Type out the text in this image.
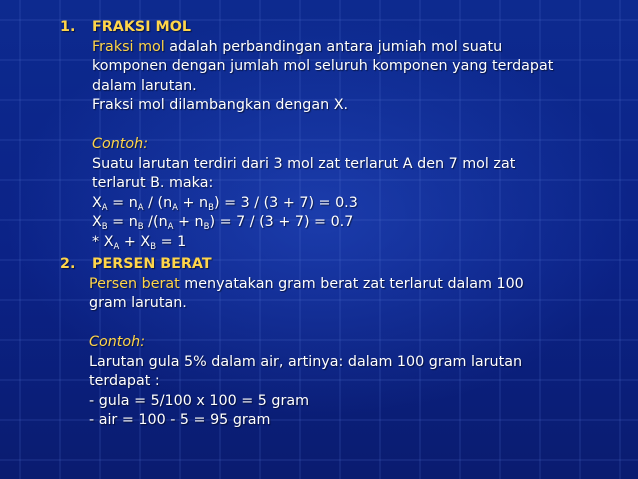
1.	FRAKSI MOL
Fraksi mol adalah perbandingan antara jumiah mol suatu
komponen dengan jumlah mol seluruh komponen yang terdapat
dalam larutan.
Fraksi mol dilambangkan dengan X.
Contoh:
Suatu larutan terdiri dari 3 mol zat terlarut A den 7 mol zat
terlarut B. maka:
$X_A = n_A / (n_A + n_B) = 3 / (3 + 7) = 0.3$
$X_B = n_B$ $/(n_A + n_B) = 7 / (3 + 7) = 0.7$
* $X_A + X_B = 1$
2.	PERSEN BERAT
Persen berat menyatakan gram berat zat terlarut dalam 100
gram larutan.
Contoh:
Larutan gula 5% dalam air, artinya: dalam 100 gram larutan
terdapat :
- gula = 5/100 x 100 = 5 gram
- air = 100 - 5 = 95 gram
